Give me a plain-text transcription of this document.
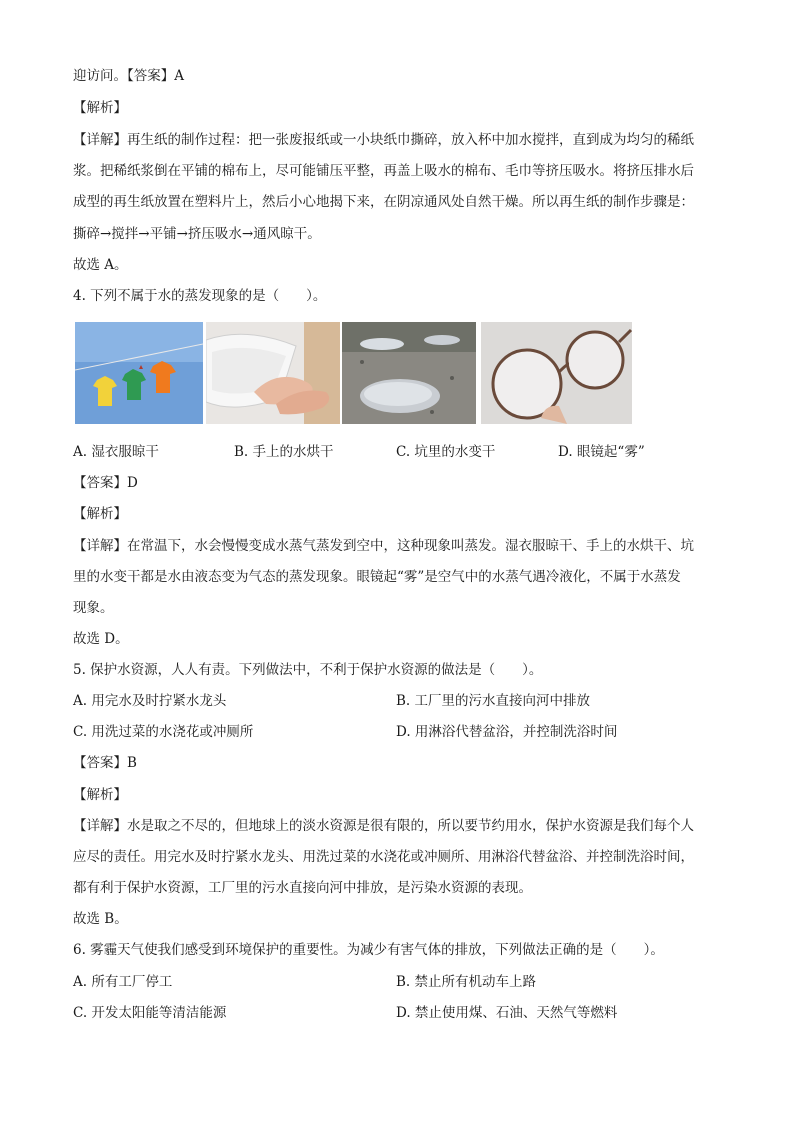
迎访问。【答案】A
【解析】
【详解】再生纸的制作过程：把一张废报纸或一小块纸巾撕碎，放入杯中加水搅拌，直到成为均匀的稀纸
浆。把稀纸浆倒在平铺的棉布上，尽可能铺压平整，再盖上吸水的棉布、毛巾等挤压吸水。将挤压排水后
成型的再生纸放置在塑料片上，然后小心地揭下来，在阴凉通风处自然干燥。所以再生纸的制作步骤是：
撕碎→搅拌→平铺→挤压吸水→通风晾干。
故选 A。
4. 下列不属于水的蒸发现象的是（　　）。
A. 湿衣服晾干	B. 手上的水烘干	C. 坑里的水变干	D. 眼镜起“雾”
【答案】D
【解析】
【详解】在常温下，水会慢慢变成水蒸气蒸发到空中，这种现象叫蒸发。湿衣服晾干、手上的水烘干、坑
里的水变干都是水由液态变为气态的蒸发现象。眼镜起“雾”是空气中的水蒸气遇冷液化，不属于水蒸发
现象。
故选 D。
5. 保护水资源，人人有责。下列做法中，不利于保护水资源的做法是（　　）。
A. 用完水及时拧紧水龙头	B. 工厂里的污水直接向河中排放
C. 用洗过菜的水浇花或冲厕所	D. 用淋浴代替盆浴，并控制洗浴时间
【答案】B
【解析】
【详解】水是取之不尽的，但地球上的淡水资源是很有限的，所以要节约用水，保护水资源是我们每个人
应尽的责任。用完水及时拧紧水龙头、用洗过菜的水浇花或冲厕所、用淋浴代替盆浴、并控制洗浴时间，
都有利于保护水资源，工厂里的污水直接向河中排放，是污染水资源的表现。
故选 B。
6. 雾霾天气使我们感受到环境保护的重要性。为减少有害气体的排放，下列做法正确的是（　　）。
A. 所有工厂停工	B. 禁止所有机动车上路
C. 开发太阳能等清洁能源	D. 禁止使用煤、石油、天然气等燃料
